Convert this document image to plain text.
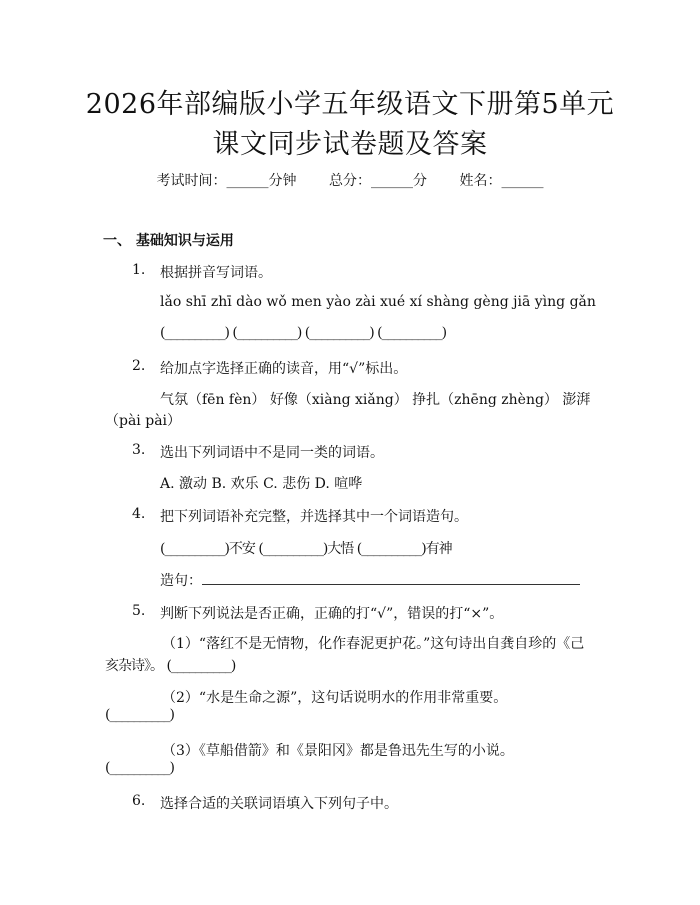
2026年部编版小学五年级语文下册第5单元
课文同步试卷题及答案
考试时间：______分钟 总分：______分 姓名：______
一、 基础知识与运用
1. 根据拼音写词语。
lǎo shī zhī dào wǒ men yào zài xué xí shàng gèng jiā yìng gǎn
(__________) (__________) (__________) (__________)
2. 给加点字选择正确的读音，用“√”标出。
气氛（fēn fèn） 好像（xiàng xiǎng） 挣扎（zhēng zhèng） 澎湃
（pài pài）
3. 选出下列词语中不是同一类的词语。
A. 激动 B. 欢乐 C. 悲伤 D. 喧哗
4. 把下列词语补充完整，并选择其中一个词语造句。
(__________)不安 (__________)大悟 (__________)有神
造句：
5. 判断下列说法是否正确，正确的打“√”，错误的打“×”。
（1）“落红不是无情物，化作春泥更护花。”这句诗出自龚自珍的《己
亥杂诗》。 (__________)
（2）“水是生命之源”，这句话说明水的作用非常重要。
(__________)
（3）《草船借箭》和《景阳冈》都是鲁迅先生写的小说。
(__________)
6. 选择合适的关联词语填入下列句子中。
